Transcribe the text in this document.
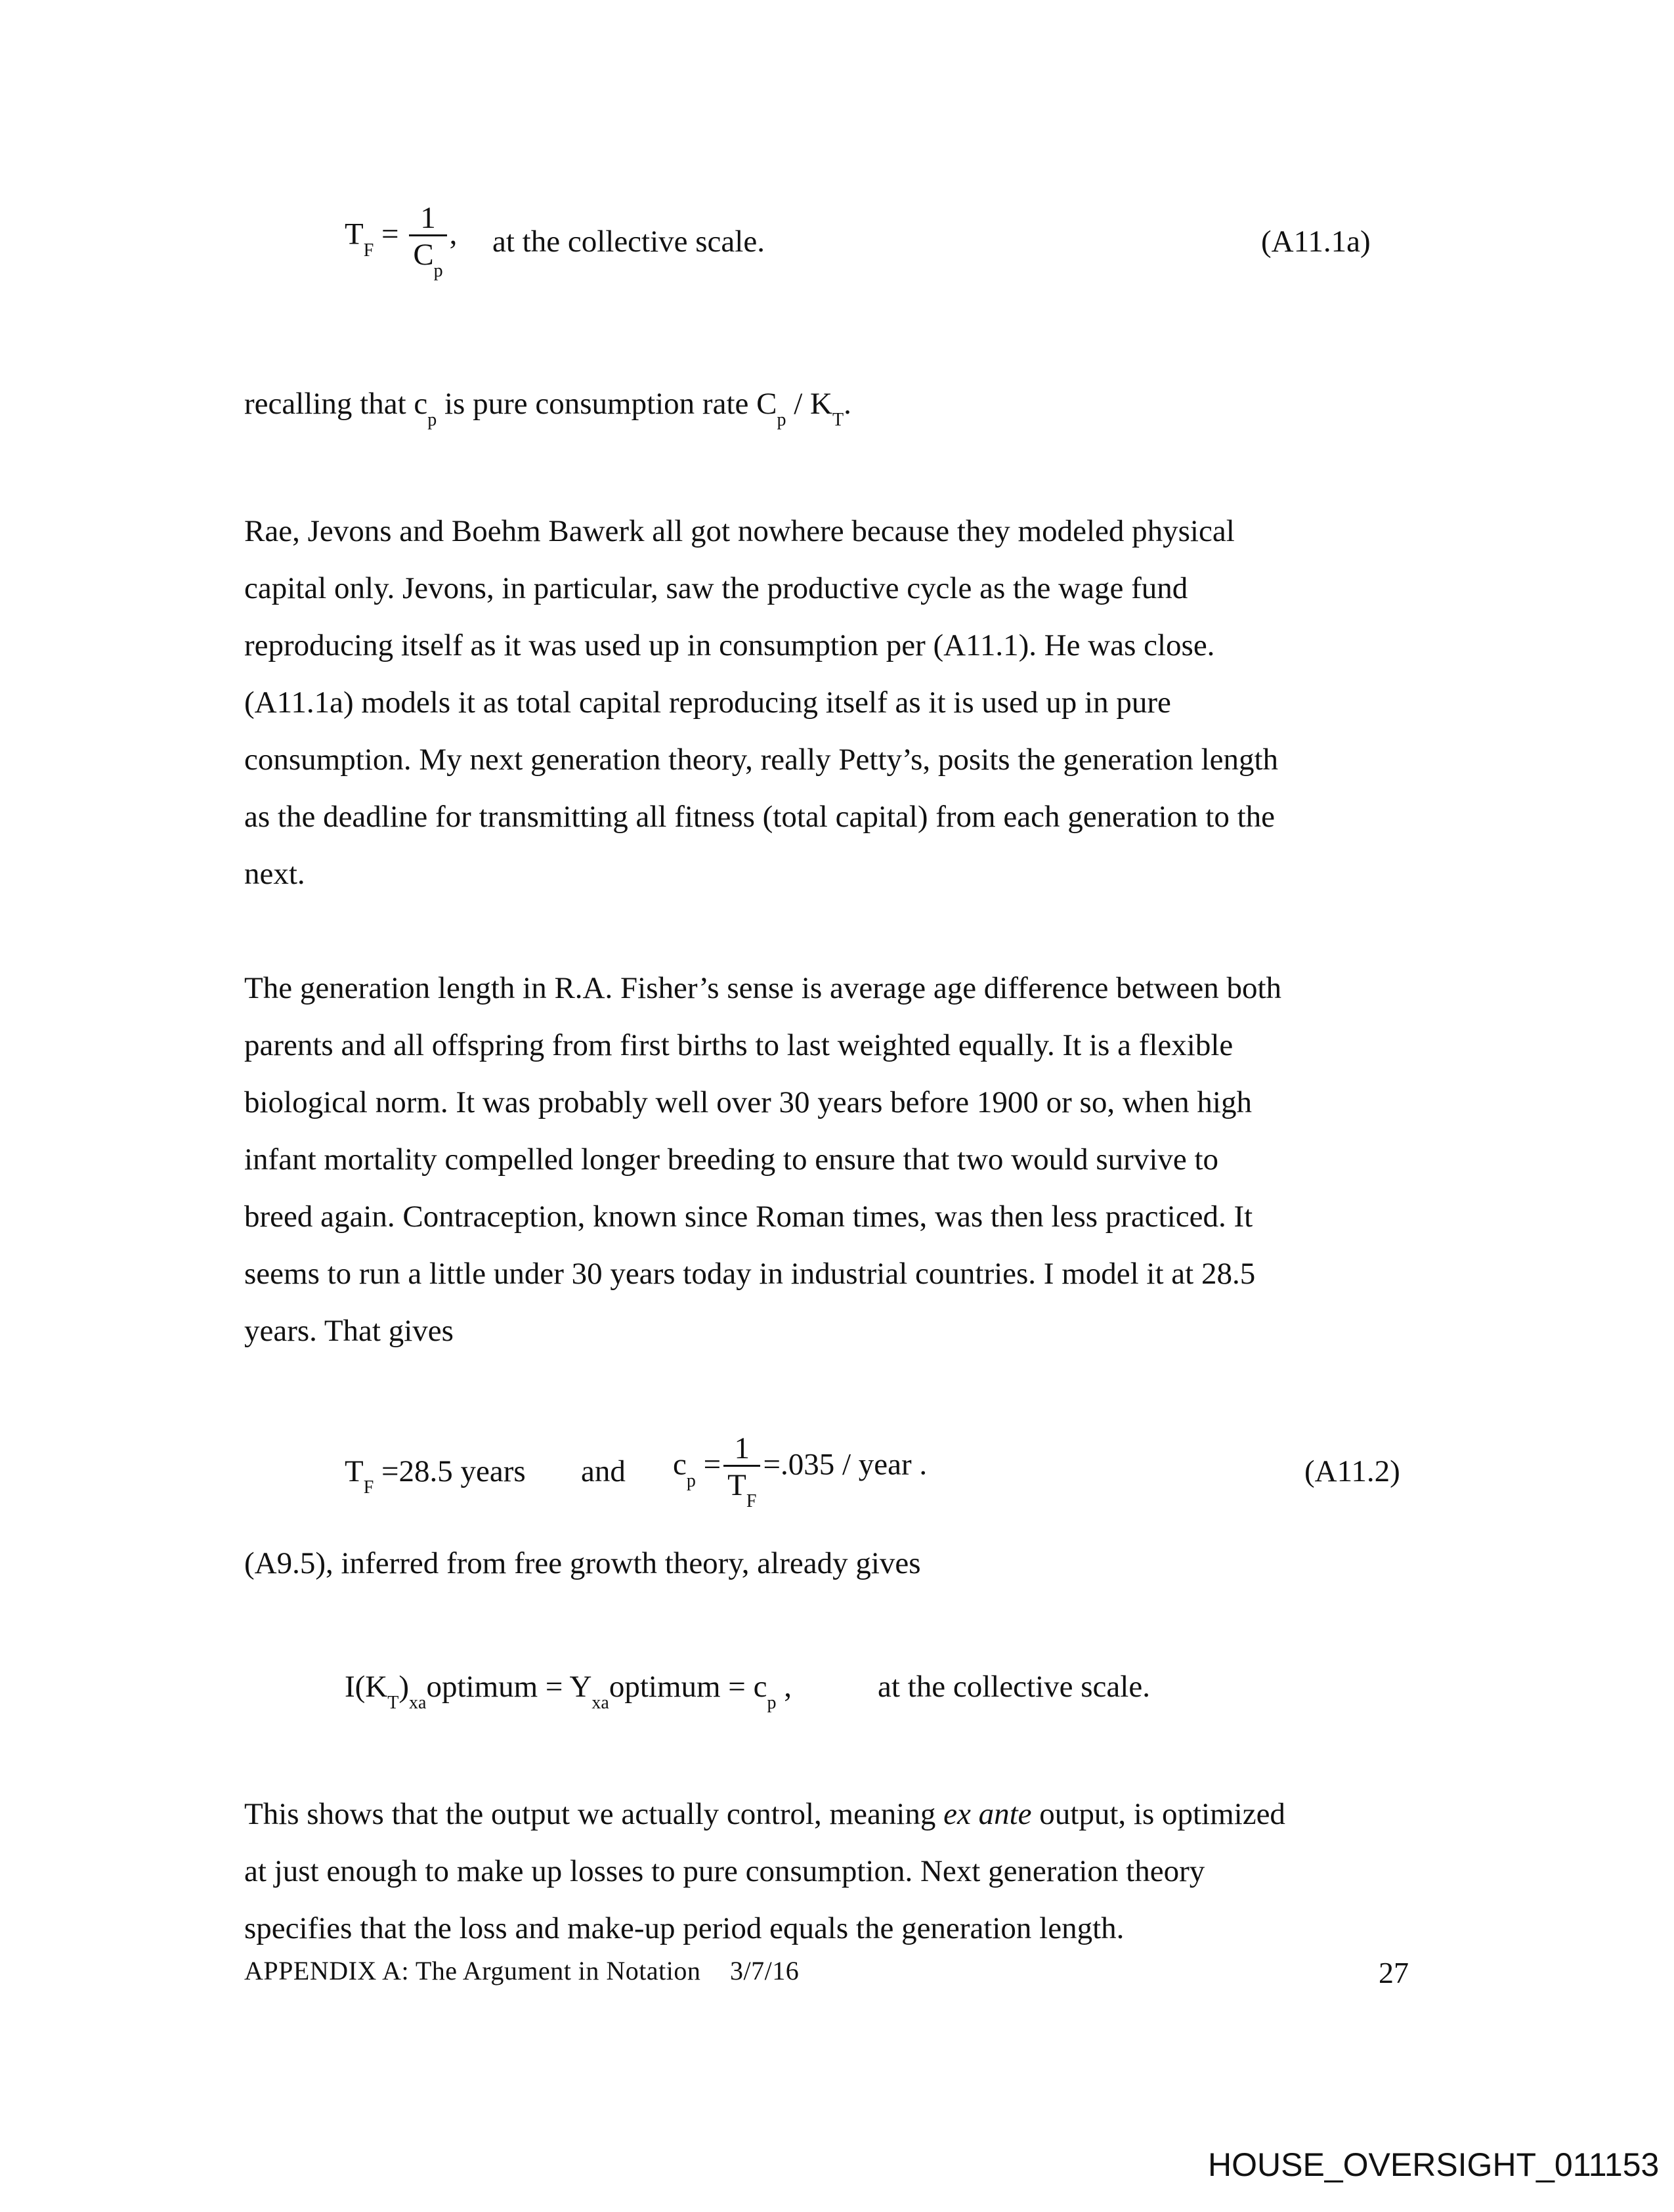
$T_F = \frac{1}{C_p}$ , at the collective scale.	(A11.1a)
recalling that $c_p$ is pure consumption rate $C_p / K_T$.
Rae, Jevons and Boehm Bawerk all got nowhere because they modeled physical
capital only. Jevons, in particular, saw the productive cycle as the wage fund
reproducing itself as it was used up in consumption per (A11.1). He was close.
(A11.1a) models it as total capital reproducing itself as it is used up in pure
consumption. My next generation theory, really Petty’s, posits the generation length
as the deadline for transmitting all fitness (total capital) from each generation to the
next.
The generation length in R.A. Fisher’s sense is average age difference between both
parents and all offspring from first births to last weighted equally. It is a flexible
biological norm. It was probably well over 30 years before 1900 or so, when high
infant mortality compelled longer breeding to ensure that two would survive to
breed again. Contraception, known since Roman times, was then less practiced. It
seems to run a little under 30 years today in industrial countries. I model it at 28.5
years. That gives
$T_F =28.5$ years and $c_p = \frac{1}{T_F} =.035$ / year .	(A11.2)
(A9.5), inferred from free growth theory, already gives
$I(K_T)_{xa}optimum$ = $Y_{xa}optimum = c_p$ ,	at the collective scale.
This shows that the output we actually control, meaning ex ante output, is optimized
at just enough to make up losses to pure consumption. Next generation theory
specifies that the loss and make-up period equals the generation length.
APPENDIX A: The Argument in Notation 3/7/16	27
HOUSE_OVERSIGHT_011153
